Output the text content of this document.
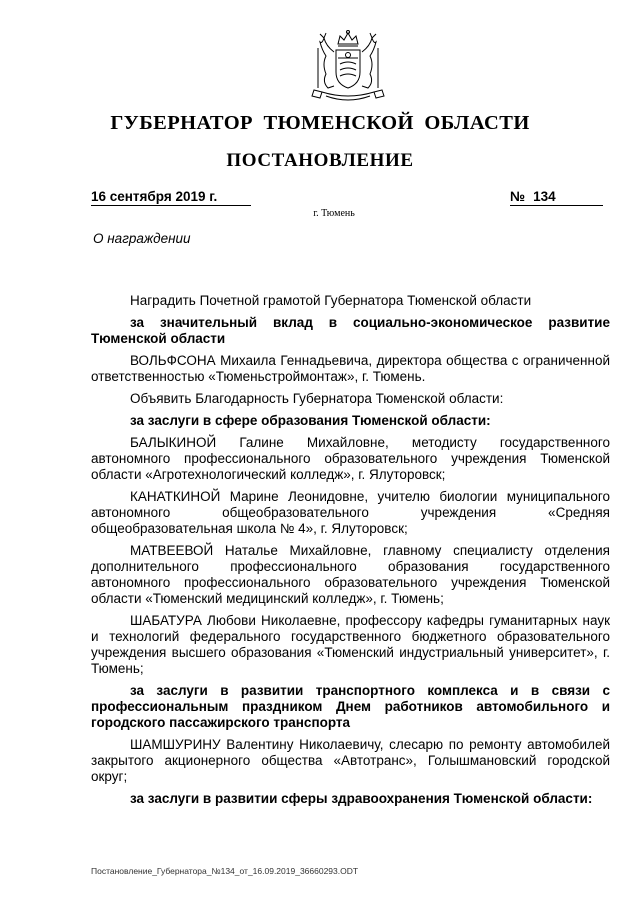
ГУБЕРНАТОР ТЮМЕНСКОЙ ОБЛАСТИ
ПОСТАНОВЛЕНИЕ
16 сентября 2019 г.	№ 134
г. Тюмень
О награждении

Наградить Почетной грамотой Губернатора Тюменской области

за значительный вклад в социально-экономическое развитие Тюменской области

ВОЛЬФСОНА Михаила Геннадьевича, директора общества с ограниченной ответственностью «Тюменьстроймонтаж», г. Тюмень.

Объявить Благодарность Губернатора Тюменской области:

за заслуги в сфере образования Тюменской области:

БАЛЫКИНОЙ Галине Михайловне, методисту государственного автономного профессионального образовательного учреждения Тюменской области «Агротехнологический колледж», г. Ялуторовск;

КАНАТКИНОЙ Марине Леонидовне, учителю биологии муниципального автономного общеобразовательного учреждения «Средняя общеобразовательная школа № 4», г. Ялуторовск;

МАТВЕЕВОЙ Наталье Михайловне, главному специалисту отделения дополнительного профессионального образования государственного автономного профессионального образовательного учреждения Тюменской области «Тюменский медицинский колледж», г. Тюмень;

ШАБАТУРА Любови Николаевне, профессору кафедры гуманитарных наук и технологий федерального государственного бюджетного образовательного учреждения высшего образования «Тюменский индустриальный университет», г. Тюмень;

за заслуги в развитии транспортного комплекса и в связи с профессиональным праздником Днем работников автомобильного и городского пассажирского транспорта

ШАМШУРИНУ Валентину Николаевичу, слесарю по ремонту автомобилей закрытого акционерного общества «Автотранс», Голышмановский городской округ;

за заслуги в развитии сферы здравоохранения Тюменской области:

Постановление_Губернатора_№134_от_16.09.2019_36660293.ODT
